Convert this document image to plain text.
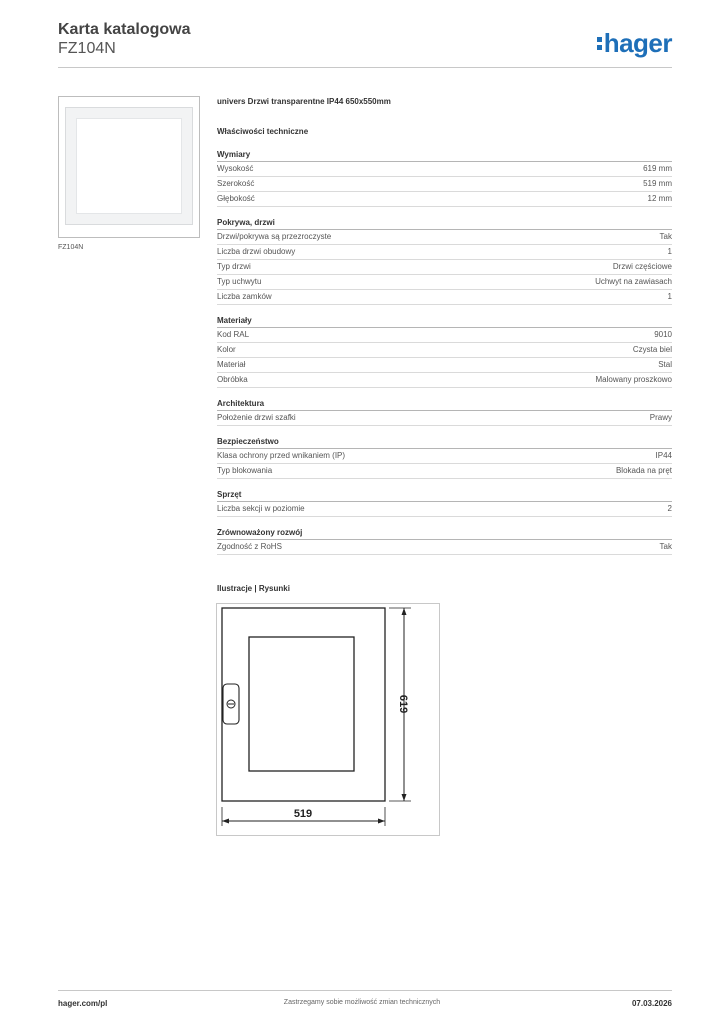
Karta katalogowa
FZ104N	hager
FZ104N
univers Drzwi transparentne IP44 650x550mm
Właściwości techniczne
Wymiary
Wysokość	619 mm
Szerokość	519 mm
Głębokość	12 mm
Pokrywa, drzwi
Drzwi/pokrywa są przezroczyste	Tak
Liczba drzwi obudowy	1
Typ drzwi	Drzwi częściowe
Typ uchwytu	Uchwyt na zawiasach
Liczba zamków	1
Materiały
Kod RAL	9010
Kolor	Czysta biel
Materiał	Stal
Obróbka	Malowany proszkowo
Architektura
Położenie drzwi szafki	Prawy
Bezpieczeństwo
Klasa ochrony przed wnikaniem (IP)	IP44
Typ blokowania	Blokada na pręt
Sprzęt
Liczba sekcji w poziomie	2
Zrównoważony rozwój
Zgodność z RoHS	Tak
Ilustracje | Rysunki
519
619
hager.com/pl	Zastrzegamy sobie możliwość zmian technicznych	07.03.2026
